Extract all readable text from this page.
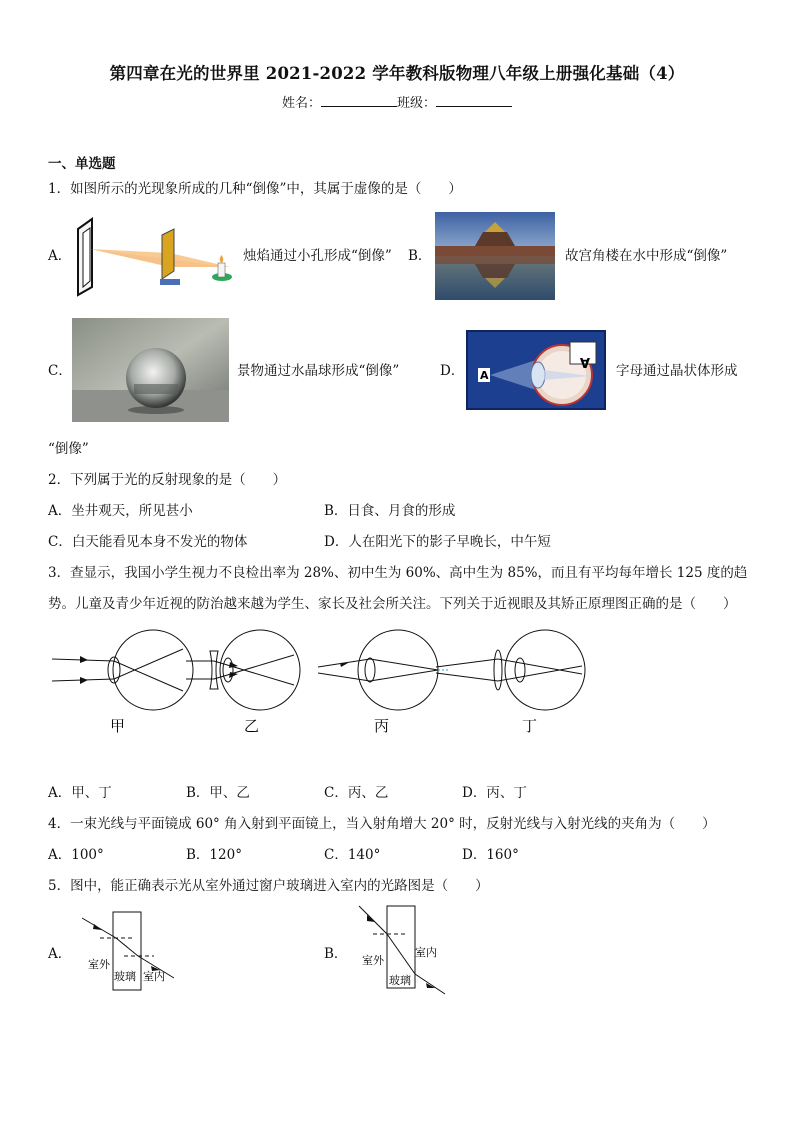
第四章在光的世界里 2021-2022 学年教科版物理八年级上册强化基础（4）
姓名：	班级：
一、单选题
1．如图所示的光现象所成的几种“倒像”中，其属于虚像的是（　　）
A．	烛焰通过小孔形成“倒像” B．	故宫角楼在水中形成“倒像”
C．	景物通过水晶球形成“倒像”	D． A
A
字母通过晶状体形成
“倒像”
2．下列属于光的反射现象的是（　　）
A．坐井观天，所见甚小	B．日食、月食的形成
C．白天能看见本身不发光的物体	D．人在阳光下的影子早晚长，中午短
3．查显示，我国小学生视力不良检出率为 28%、初中生为 60%、高中生为 85%，而且有平均每年增长 125 度的趋
势。儿童及青少年近视的防治越来越为学生、家长及社会所关注。下列关于近视眼及其矫正原理图正确的是（　　）
甲	乙	丙	丁
A．甲、丁	B．甲、乙	C．丙、乙	D．丙、丁
4．一束光线与平面镜成 60° 角入射到平面镜上，当入射角增大 20° 时，反射光线与入射光线的夹角为（　　）
A．100°	B．120°	C．140°	D．160°
5．图中，能正确表示光从室外通过窗户玻璃进入室内的光路图是（　　）
A．
室外
玻璃 室内
B． 室外
室内
玻璃
